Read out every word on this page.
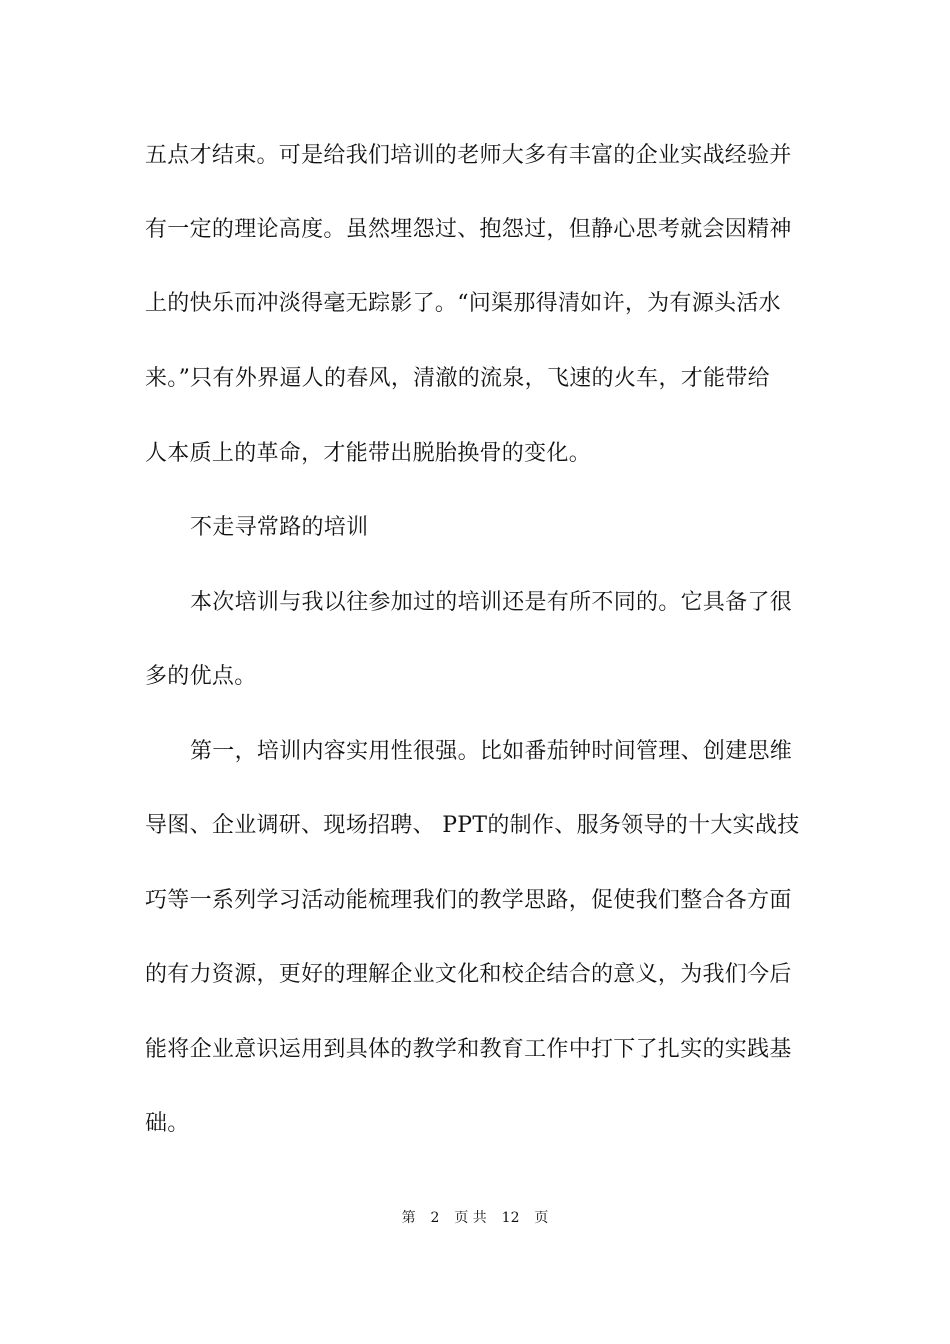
五点才结束。可是给我们培训的老师大多有丰富的企业实战经验并
有一定的理论高度。虽然埋怨过、抱怨过，但静心思考就会因精神
上的快乐而冲淡得毫无踪影了。“问渠那得清如许，为有源头活水
来。”只有外界逼人的春风，清澈的流泉，飞速的火车，才能带给
人本质上的革命，才能带出脱胎换骨的变化。
不走寻常路的培训
本次培训与我以往参加过的培训还是有所不同的。它具备了很
多的优点。
第一，培训内容实用性很强。比如番茄钟时间管理、创建思维
导图、企业调研、现场招聘、 PPT的制作、服务领导的十大实战技
巧等一系列学习活动能梳理我们的教学思路，促使我们整合各方面
的有力资源，更好的理解企业文化和校企结合的意义，为我们今后
能将企业意识运用到具体的教学和教育工作中打下了扎实的实践基
础。
第 2 页 共 12 页
